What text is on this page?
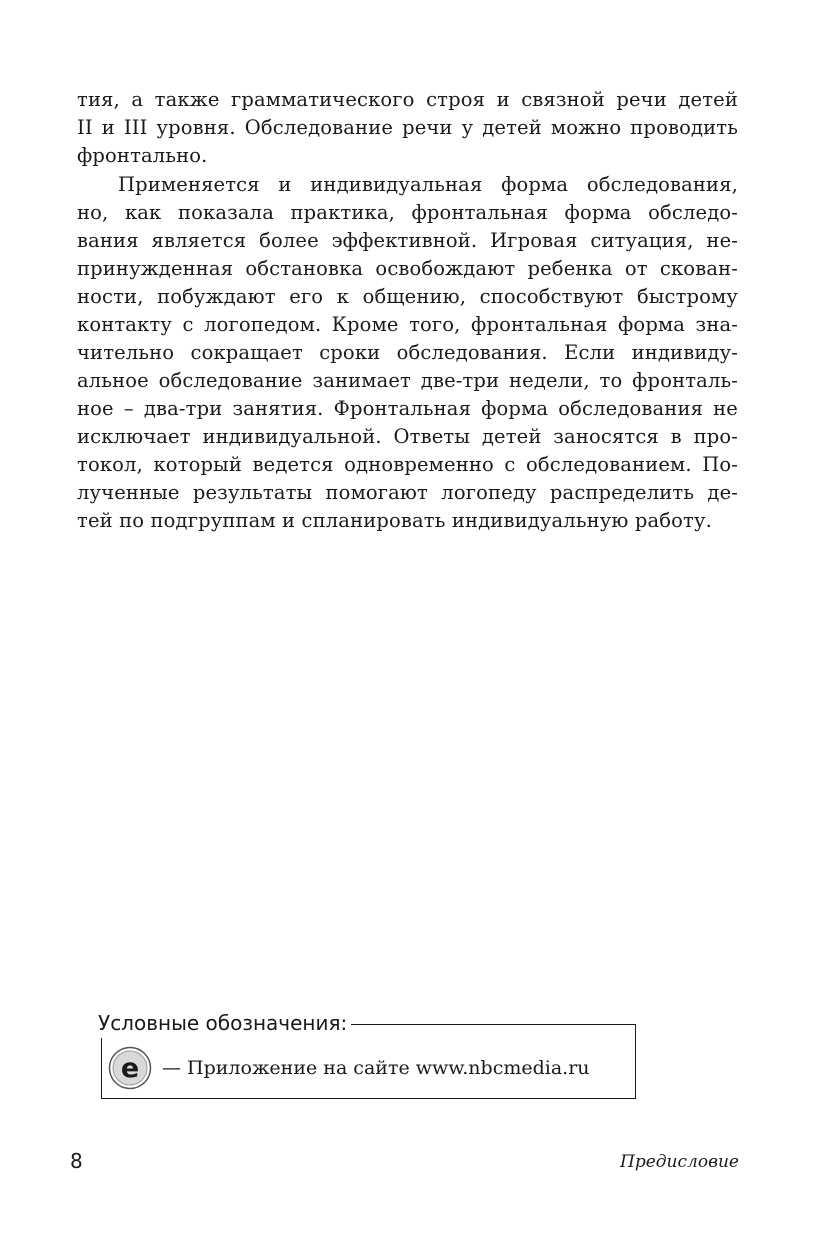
тия, а также грамматического строя и связной речи детей
II и III уровня. Обследование речи у детей можно проводить
фронтально.
Применяется и индивидуальная форма обследования,
но, как показала практика, фронтальная форма обследо-
вания является более эффективной. Игровая ситуация, не-
принужденная обстановка освобождают ребенка от скован-
ности, побуждают его к общению, способствуют быстрому
контакту с логопедом. Кроме того, фронтальная форма зна-
чительно сокращает сроки обследования. Если индивиду-
альное обследование занимает две-три недели, то фронталь-
ное – два-три занятия. Фронтальная форма обследования не
исключает индивидуальной. Ответы детей заносятся в про-
токол, который ведется одновременно с обследованием. По-
лученные результаты помогают логопеду распределить де-
тей по подгруппам и спланировать индивидуальную работу.
Условные обозначения:
e — Приложение на сайте www.nbcmedia.ru
8	Предисловие
